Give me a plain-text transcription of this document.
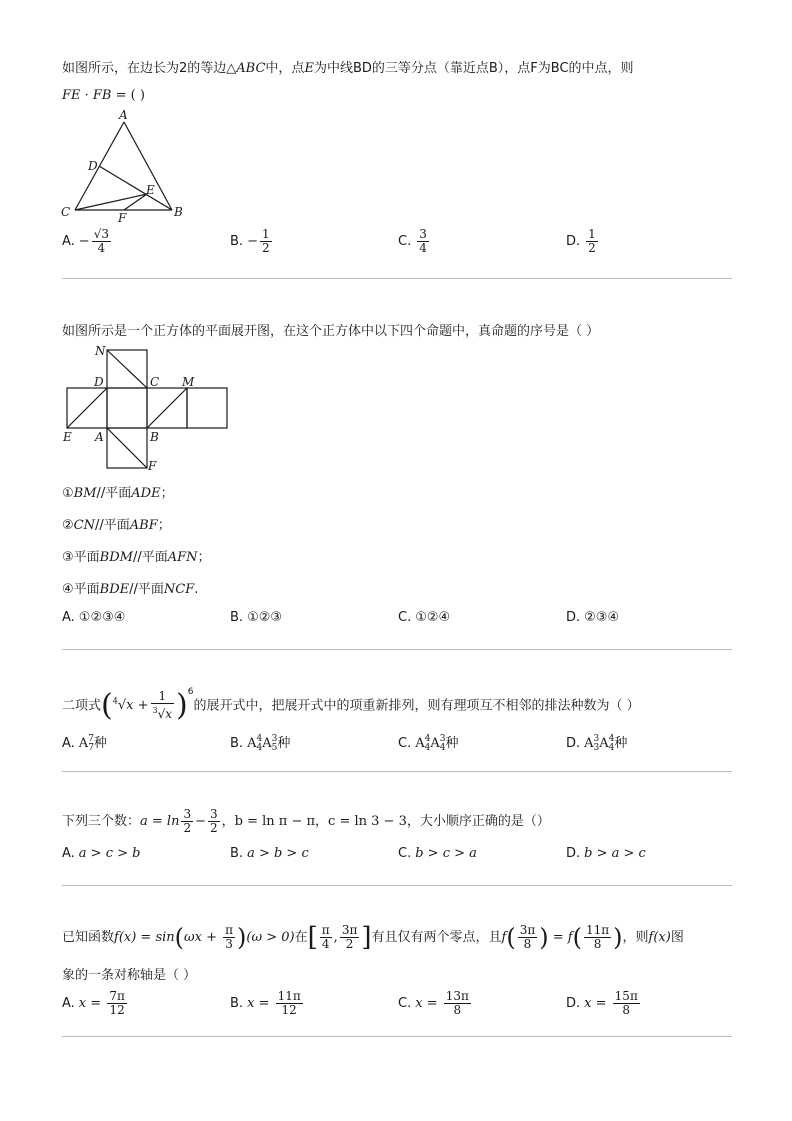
如图所示，在边长为2的等边△ABC中，点E为中线BD的三等分点（靠近点B），点F为BC的中点，则
FE · FB = ( )
A
D
E
C	F	B
A. − $\frac{√3}{4}$	B. − $\frac{1}{2}$	C. $\frac{3}{4}$	D. $\frac{1}{2}$
如图所示是一个正方体的平面展开图，在这个正方体中以下四个命题中，真命题的序号是（ ）
N
D	C M
E A	B
F
①BM//平面ADE；
②CN//平面ABF；
③平面BDM//平面AFN；
④平面BDE//平面NCF.
A. ①②③④	B. ①②③	C. ①②④	D. ②③④
二项式$(^4√x + \frac{1}{^3√x} )^6$的展开式中，把展开式中的项重新排列，则有理项互不相邻的排法种数为（ ）
A. A 7
7 种	B. A 4
4 A 3
5 种	C. A 4
4 A 3
4 种	D. A 3
3 A 4
4 种
下列三个数：$a = \ln \frac{3}{2} - \frac{3}{2}$ ，b = ln π − π，c = ln 3 − 3，大小顺序正确的是（）
A. a > c > b	B. a > b > c	C. b > c > a	D. b > a > c
已知函数$f(x) = \sin(\omega x + \frac{\pi}{3} )(\omega > 0)$在[ $\frac{\pi}{4}$ , $\frac{3\pi}{2}$ ]有且仅有两个零点，且$f( \frac{3\pi}{8}$ ) = $f( \frac{11\pi}{8}$ )，则f(x)图
象的一条对称轴是（ ）
A. $x = \frac{7\pi}{12}$	B. $x = \frac{11\pi}{12}$	C. $x = \frac{13\pi}{8}$	D. $x = \frac{15\pi}{8}$
